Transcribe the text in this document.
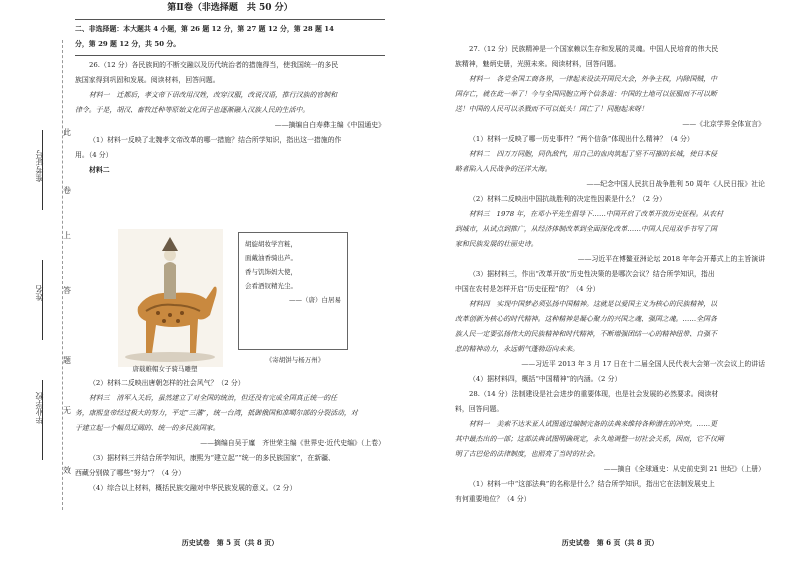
准考证号
姓名
毕业学校
此
卷
上
答
题
无
效

第Ⅱ卷（非选择题　共 50 分）

二、非选择题：本大题共 4 小题，第 26 题 12 分，第 27 题 12 分，第 28 题 14

分，第 29 题 12 分，共 50 分。

26.（12 分）各民族间的不断交融以及历代统治者的措施得当，使我国统一的多民

族国家得到巩固和发展。阅读材料，回答问题。

材料一　迁都后，孝文帝下诏改用汉姓，改穿汉服，改说汉语，推行汉族的官制和

律令。于是，胡汉、畜牧迁种等原始文化因子也逐渐融入汉族人民的生活中。

——摘编自白寿彝主编《中国通史》

（1）材料一反映了北魏孝文帝改革的哪一措施？结合所学知识，指出这一措施的作

用。（4 分）

材料二

胡旋胡妆学宫粧，

面戴油香骑出芦。

香与饥饰妈大使，

会看酒钗精光尘。

——（唐）白居易

《寄胡饼与杨万州》

唐载帷帽女子骑马雕塑

（2）材料二反映出唐朝怎样的社会风气？（2 分）

材料三　清军入关后，虽然建立了对全国的统治，但还没有完成全国真正统一的任

务，康熙皇帝经过极大的努力，平定“三藩”，统一台湾，抵御俄国和准噶尔部的分裂活动，对

于建立起一个幅员辽阔的、统一的多民族国家。

——摘编自吴于廑　齐世荣主编《世界史·近代史编》（上卷）

（3）据材料三并结合所学知识，康熙为“建立起”“统一的多民族国家”，在新疆、

西藏分别做了哪些“努力”？（4 分）

（4）综合以上材料，概括民族交融对中华民族发展的意义。（2 分）

历史试卷　第 5 页（共 8 页）

27.（12 分）民族精神是一个国家赖以生存和发展的灵魂。中国人民培育的伟大民

族精神，魅炳史册，光照未来。阅读材料，回答问题。

材料一　各党全国工商各界，一律起来设法开国民大会，外争主权，内除国贼，中

国存亡，就在此一举了！今与全国同胞立两个信条道：中国的土地可以征服而不可以断

送！中国的人民可以杀戮而不可以低头！国亡了！同胞起来呀！

——《北京学界全体宣言》

（1）材料一反映了哪一历史事件？“两个信条”体现出什么精神？（4 分）

材料二　四万万同胞，同仇敌忾，用自己的血肉筑起了坚不可摧的长城，使日本侵

略者陷入人民战争的汪洋大海。

——纪念中国人民抗日战争胜利 50 周年《人民日报》社论

（2）材料二反映出中国抗战胜利的决定性因素是什么？（2 分）

材料三　1978 年，在邓小平先生倡导下……中国开启了改革开放历史征程。从农村

到城市，从试点到推广，从经济体制改革到全面深化改革……中国人民用双手书写了国

家和民族发展的壮丽史诗。

——习近平在博鳌亚洲论坛 2018 年年会开幕式上的主旨演讲

（3）据材料三，作出“改革开放”历史性决策的是哪次会议？结合所学知识，指出

中国在农村是怎样开启“历史征程”的？（4 分）

材料四　实现中国梦必须弘扬中国精神。这就是以爱国主义为核心的民族精神，以

改革创新为核心的时代精神。这种精神是凝心聚力的兴国之魂、强国之魂。……全国各

族人民一定要弘扬伟大的民族精神和时代精神，不断增强团结一心的精神纽带、自强不

息的精神动力，永远朝气蓬勃迈向未来。

——习近平 2013 年 3 月 17 日在十二届全国人民代表大会第一次会议上的讲话

（4）据材料四，概括“中国精神”的内涵。（2 分）

28.（14 分）法制建设是社会进步的重要体现，也是社会发展的必然要求。阅读材

料，回答问题。

材料一　美索不达米亚人试图通过编制完备的法典来维持各种潜在的冲突。……更

其中最杰出的一部；这部法典试图明确规定，永久地调整一切社会关系，因而，它不仅阐

明了古巴伦的法律制度，也照亮了当时的社会。

——摘自《全球通史：从史前史到 21 世纪》（上册）

（1）材料一中“这部法典”的名称是什么？结合所学知识，指出它在法制发展史上

有何重要地位？（4 分）

历史试卷　第 6 页（共 8 页）
